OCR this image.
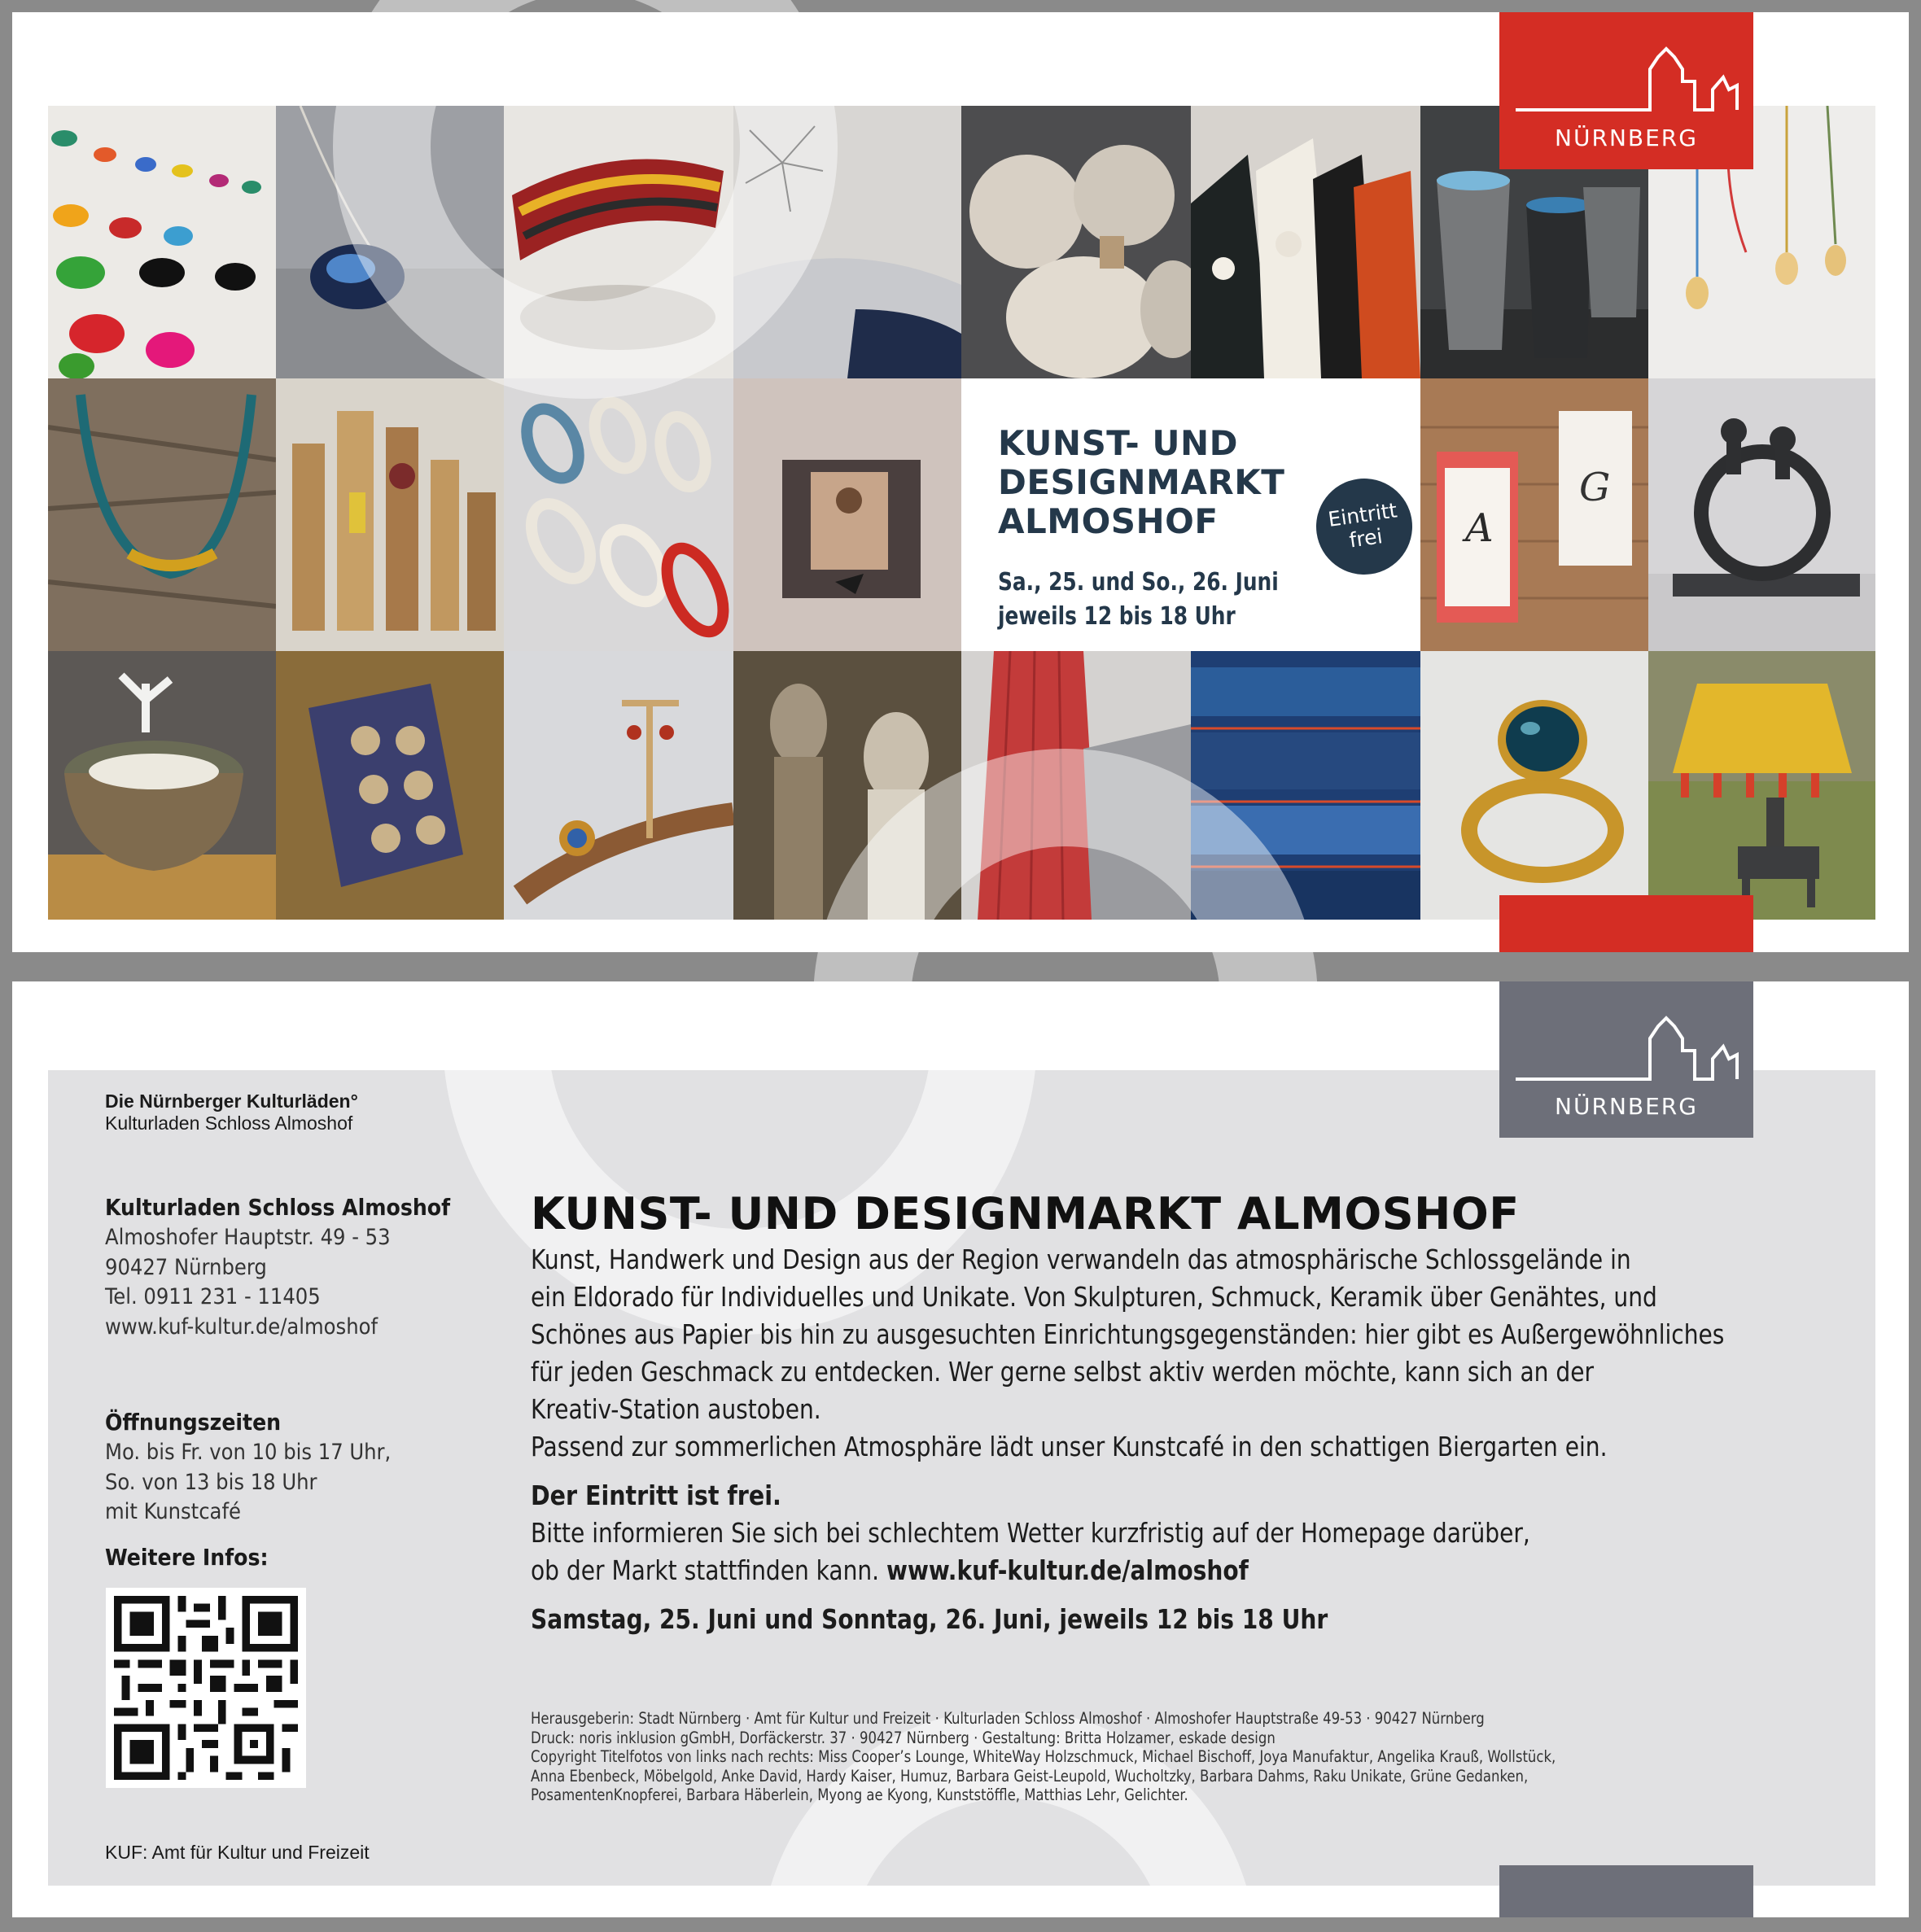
A
G
KUNST- UND
DESIGNMARKT
ALMOSHOF
Sa., 25. und So., 26. Juni
jeweils 12 bis 18 Uhr
Eintritt
frei
NÜRNBERG
Die Nürnberger Kulturläden°
Kulturladen Schloss Almoshof
Kulturladen Schloss Almoshof
Almoshofer Hauptstr. 49 - 53
90427 Nürnberg
Tel. 0911 231 - 11405
www.kuf-kultur.de/almoshof
Öffnungszeiten
Mo. bis Fr. von 10 bis 17 Uhr,
So. von 13 bis 18 Uhr
mit Kunstcafé
Weitere Infos:
KUF: Amt für Kultur und Freizeit
KUNST- UND DESIGNMARKT ALMOSHOF

Kunst, Handwerk und Design aus der Region verwandeln das atmosphärische Schlossgelände in

ein Eldorado für Individuelles und Unikate. Von Skulpturen, Schmuck, Keramik über Genähtes, und

Schönes aus Papier bis hin zu ausgesuchten Einrichtungsgegenständen: hier gibt es Außergewöhnliches

für jeden Geschmack zu entdecken. Wer gerne selbst aktiv werden möchte, kann sich an der

Kreativ-Station austoben.

Passend zur sommerlichen Atmosphäre lädt unser Kunstcafé in den schattigen Biergarten ein.

Der Eintritt ist frei.

Bitte informieren Sie sich bei schlechtem Wetter kurzfristig auf der Homepage darüber,

ob der Markt stattfinden kann. www.kuf-kultur.de/almoshof

Samstag, 25. Juni und Sonntag, 26. Juni, jeweils 12 bis 18 Uhr

Herausgeberin: Stadt Nürnberg · Amt für Kultur und Freizeit · Kulturladen Schloss Almoshof · Almoshofer Hauptstraße 49-53 · 90427 Nürnberg

Druck: noris inklusion gGmbH, Dorfäckerstr. 37 · 90427 Nürnberg · Gestaltung: Britta Holzamer, eskade design

Copyright Titelfotos von links nach rechts: Miss Cooper’s Lounge, WhiteWay Holzschmuck, Michael Bischoff, Joya Manufaktur, Angelika Krauß, Wollstück,

Anna Ebenbeck, Möbelgold, Anke David, Hardy Kaiser, Humuz, Barbara Geist-Leupold, Wucholtzky, Barbara Dahms, Raku Unikate, Grüne Gedanken,

PosamentenKnopferei, Barbara Häberlein, Myong ae Kyong, Kunststöffle, Matthias Lehr, Gelichter.

NÜRNBERG
